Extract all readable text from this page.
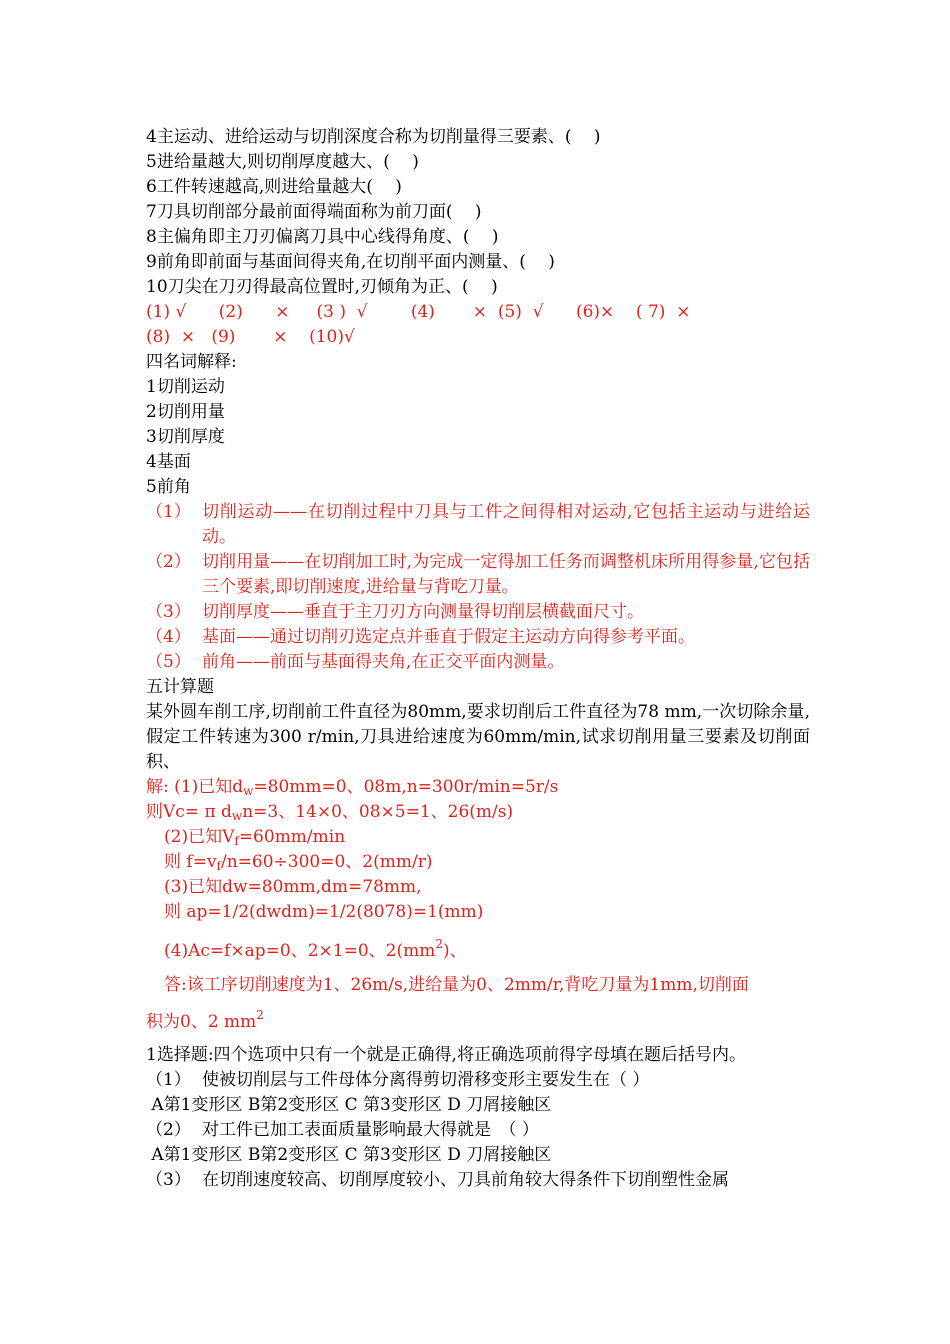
4主运动、进给运动与切削深度合称为切削量得三要素、(　 )
5进给量越大,则切削厚度越大、(　 )
6工件转速越高,则进给量越大(　 )
7刀具切削部分最前面得端面称为前刀面(　 )
8主偏角即主刀刃偏离刀具中心线得角度、(　 )
9前角即前面与基面间得夹角,在切削平面内测量、(　 )
10刀尖在刀刃得最高位置时,刃倾角为正、(　 )
(1) √      (2)      ×     (3 )  √        (4)       ×  (5)  √      (6)×    ( 7)  ×
(8)  ×   (9)       ×    (10)√
四名词解释:
1切削运动
2切削用量
3切削厚度
4基面
5前角
（1） 切削运动——在切削过程中刀具与工件之间得相对运动,它包括主运动与进给运动。
（2） 切削用量——在切削加工时,为完成一定得加工任务而调整机床所用得参量,它包括三个要素,即切削速度,进给量与背吃刀量。
（3） 切削厚度——垂直于主刀刃方向测量得切削层横截面尺寸。
（4） 基面——通过切削刃选定点并垂直于假定主运动方向得参考平面。
（5） 前角——前面与基面得夹角,在正交平面内测量。
五计算题
某外圆车削工序,切削前工件直径为80mm,要求切削后工件直径为78 mm,一次切除余量,假定工件转速为300 r/min,刀具进给速度为60mm/min,试求切削用量三要素及切削面积、
解: (1)已知$d_w=80mm=0$、08m,n=300r/min=5r/s
则Vc= π $d_wn=3$、14×0、08×5=1、26(m/s)
(2)已知$V_f=60mm/\min$
则 $f=v_f/n=60\div 300=0$、2(mm/r)
(3)已知dw=80mm,dm=78mm,
则 ap=1/2(dwdm)=1/2(8078)=1(mm)
(4)Ac=f×ap=0、2×1=0、$2(mm^2)$、
答:该工序切削速度为1、26m/s,进给量为0、2mm/r,背吃刀量为1mm,切削面
积为0、2 $mm^2$
1选择题:四个选项中只有一个就是正确得,将正确选项前得字母填在题后括号内。
（1） 使被切削层与工件母体分离得剪切滑移变形主要发生在（ ）
A第1变形区 B第2变形区 C 第3变形区 D 刀屑接触区
（2） 对工件已加工表面质量影响最大得就是　（ ）
A第1变形区 B第2变形区 C 第3变形区 D 刀屑接触区
（3） 在切削速度较高、切削厚度较小、刀具前角较大得条件下切削塑性金属
